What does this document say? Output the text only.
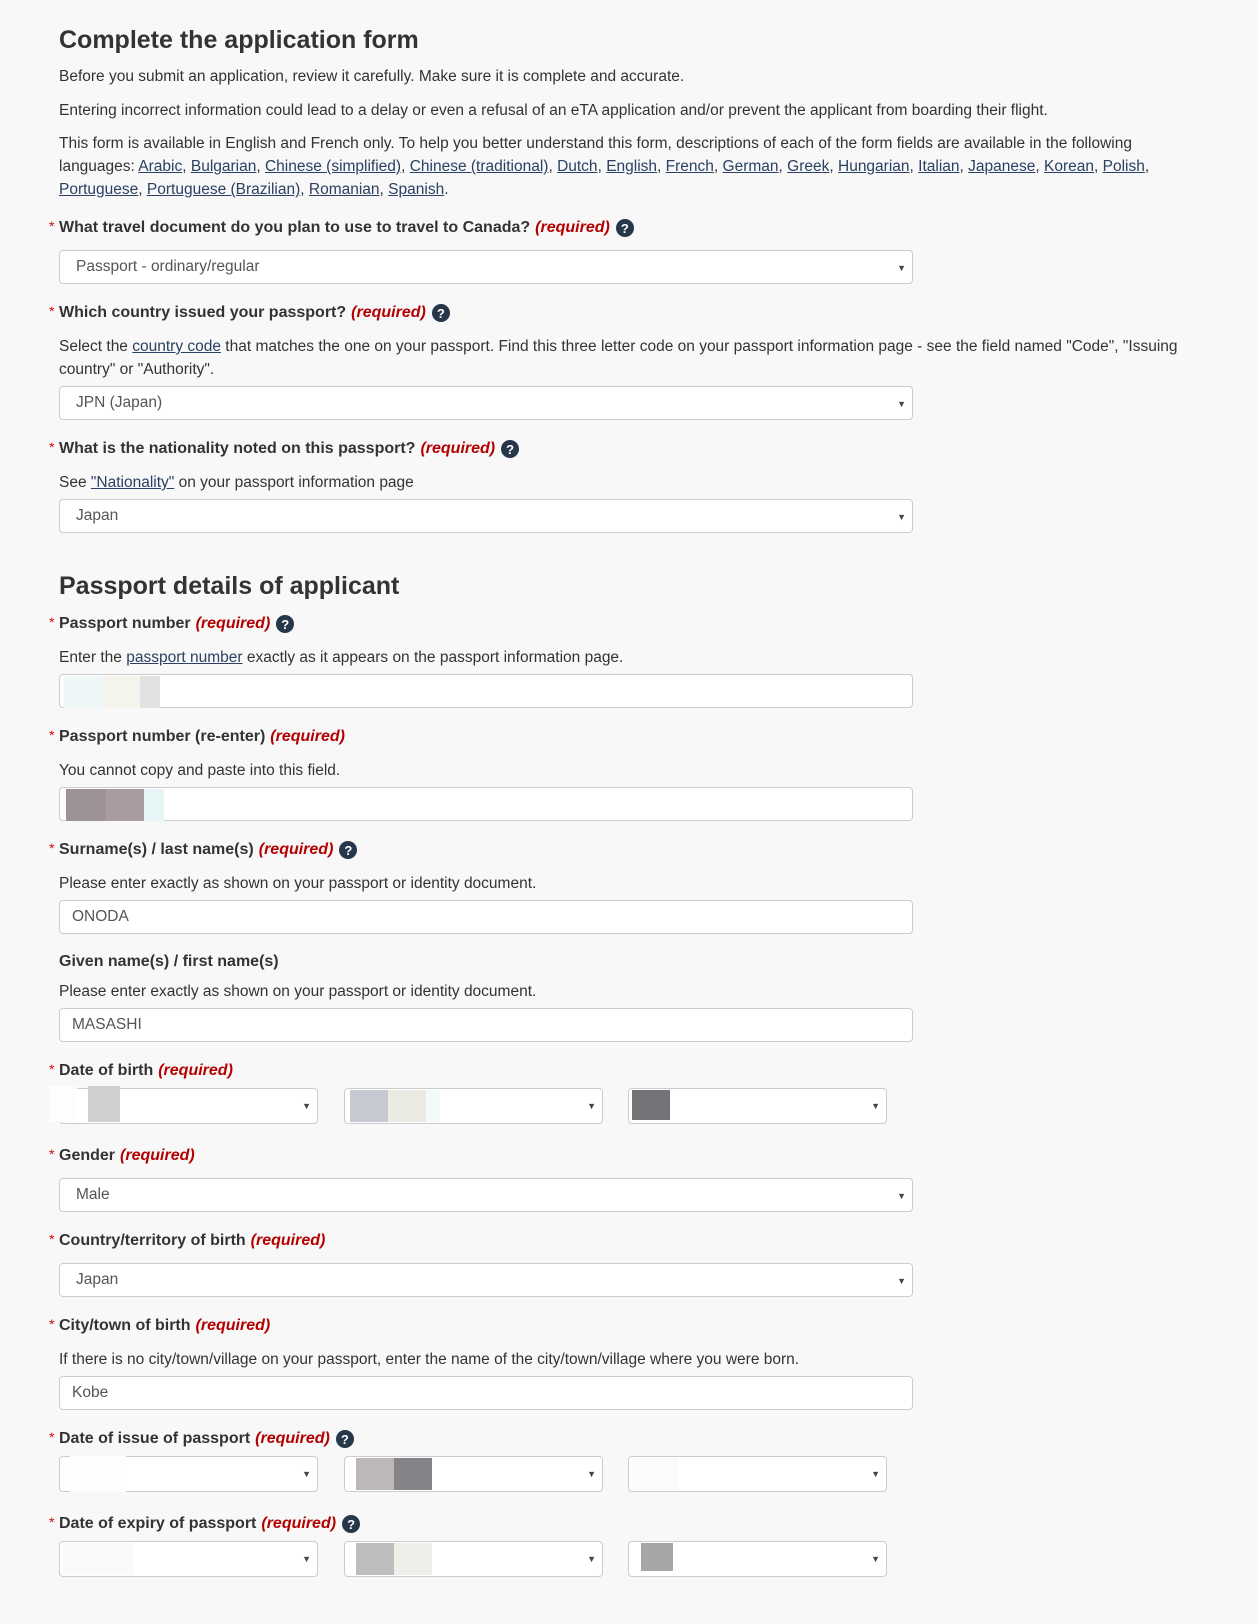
Complete the application form

Before you submit an application, review it carefully. Make sure it is complete and accurate.

Entering incorrect information could lead to a delay or even a refusal of an eTA application and/or prevent the applicant from boarding their flight.

This form is available in English and French only. To help you better understand this form, descriptions of each of the form fields are available in the following languages: Arabic, Bulgarian, Chinese (simplified), Chinese (traditional), Dutch, English, French, German, Greek, Hungarian, Italian, Japanese, Korean, Polish, Portuguese, Portuguese (Brazilian), Romanian, Spanish.

* What travel document do you plan to use to travel to Canada? (required) ?
Passport - ordinary/regular	▼
* Which country issued your passport? (required) ?

Select the country code that matches the one on your passport. Find this three letter code on your passport information page - see the field named "Code", "Issuing country" or "Authority".

JPN (Japan)	▼
* What is the nationality noted on this passport? (required) ?

See "Nationality" on your passport information page

Japan	▼
Passport details of applicant
* Passport number (required) ?

Enter the passport number exactly as it appears on the passport information page.

* Passport number (re-enter) (required)

You cannot copy and paste into this field.

* Surname(s) / last name(s) (required) ?

Please enter exactly as shown on your passport or identity document.

ONODA
Given name(s) / first name(s)

Please enter exactly as shown on your passport or identity document.

MASASHI
* Date of birth (required)
▼	▼	▼
* Gender (required)
Male	▼
* Country/territory of birth (required)
Japan	▼
* City/town of birth (required)

If there is no city/town/village on your passport, enter the name of the city/town/village where you were born.

Kobe
* Date of issue of passport (required) ?
▼	▼	▼
* Date of expiry of passport (required) ?
▼	▼	▼
